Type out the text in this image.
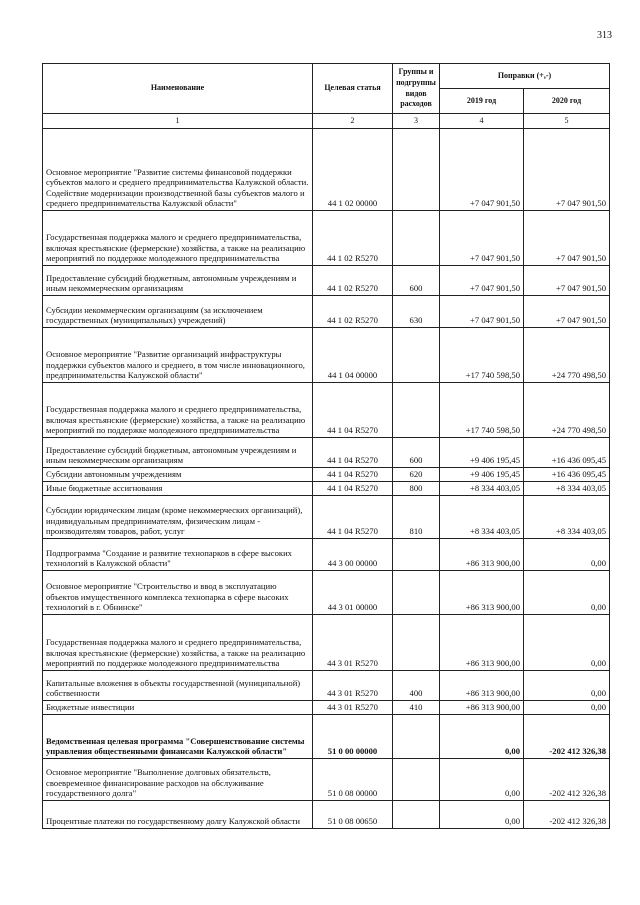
313
Наименование	Целевая статья	Группы и подгруппы видов расходов	Поправки (+,-)	
			2019 год	2020 год
1	2	3	4	5
Основное мероприятие "Развитие системы финансовой поддержки субъектов малого и среднего предпринимательства Калужской области. Содействие модернизации производственной базы субъектов малого и среднего предпринимательства Калужской области"	44 1 02 00000		+7 047 901,50	+7 047 901,50
Государственная поддержка малого и среднего предпринимательства, включая крестьянские (фермерские) хозяйства, а также на реализацию мероприятий по поддержке молодежного предпринимательства	44 1 02 R5270		+7 047 901,50	+7 047 901,50
Предоставление субсидий бюджетным, автономным учреждениям и иным некоммерческим организациям	44 1 02 R5270	600	+7 047 901,50	+7 047 901,50
Субсидии некоммерческим организациям (за исключением государственных (муниципальных) учреждений)	44 1 02 R5270	630	+7 047 901,50	+7 047 901,50
Основное мероприятие "Развитие организаций инфраструктуры поддержки субъектов малого и среднего, в том числе инновационного, предпринимательства Калужской области"	44 1 04 00000		+17 740 598,50	+24 770 498,50
Государственная поддержка малого и среднего предпринимательства, включая крестьянские (фермерские) хозяйства, а также на реализацию мероприятий по поддержке молодежного предпринимательства	44 1 04 R5270		+17 740 598,50	+24 770 498,50
Предоставление субсидий бюджетным, автономным учреждениям и иным некоммерческим организациям	44 1 04 R5270	600	+9 406 195,45	+16 436 095,45
Субсидии автономным учреждениям	44 1 04 R5270	620	+9 406 195,45	+16 436 095,45
Иные бюджетные ассигнования	44 1 04 R5270	800	+8 334 403,05	+8 334 403,05
Субсидии юридическим лицам (кроме некоммерческих организаций), индивидуальным предпринимателям, физическим лицам - производителям товаров, работ, услуг	44 1 04 R5270	810	+8 334 403,05	+8 334 403,05
Подпрограмма "Создание и развитие технопарков в сфере высоких технологий в Калужской области"	44 3 00 00000		+86 313 900,00	0,00
Основное мероприятие "Строительство и ввод в эксплуатацию объектов имущественного комплекса технопарка в сфере высоких технологий в г. Обнинске"	44 3 01 00000		+86 313 900,00	0,00
Государственная поддержка малого и среднего предпринимательства, включая крестьянские (фермерские) хозяйства, а также на реализацию мероприятий по поддержке молодежного предпринимательства	44 3 01 R5270		+86 313 900,00	0,00
Капитальные вложения в объекты государственной (муниципальной) собственности	44 3 01 R5270	400	+86 313 900,00	0,00
Бюджетные инвестиции	44 3 01 R5270	410	+86 313 900,00	0,00
Ведомственная целевая программа "Совершенствование системы управления общественными финансами Калужской области"	51 0 00 00000		0,00	-202 412 326,38
Основное мероприятие "Выполнение долговых обязательств, своевременное финансирование расходов на обслуживание государственного долга"	51 0 08 00000		0,00	-202 412 326,38
Процентные платежи по государственному долгу Калужской области	51 0 08 00650		0,00	-202 412 326,38
